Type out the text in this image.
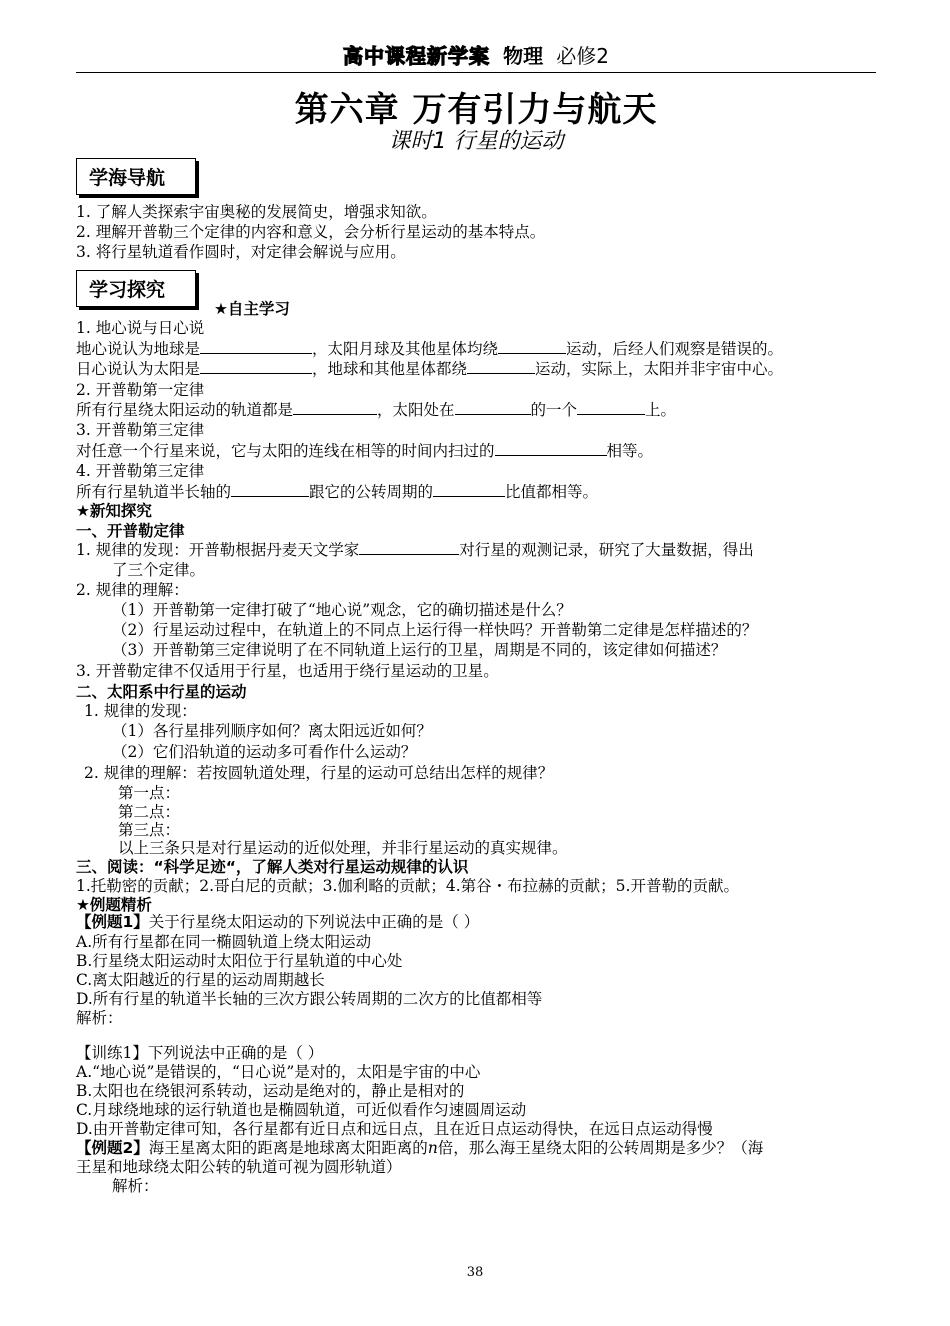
高中课程新学案 物理 必修2
第六章 万有引力与航天
课时1 行星的运动
学海导航
1. 了解人类探索宇宙奥秘的发展简史，增强求知欲。
2. 理解开普勒三个定律的内容和意义，会分析行星运动的基本特点。
3. 将行星轨道看作圆时，对定律会解说与应用。
学习探究
★自主学习
1. 地心说与日心说
地心说认为地球是	，太阳月球及其他星体均绕	运动，后经人们观察是错误的。
日心说认为太阳是	，地球和其他星体都绕	运动，实际上，太阳并非宇宙中心。
2. 开普勒第一定律
所有行星绕太阳运动的轨道都是	，太阳处在	的一个	上。
3. 开普勒第三定律
对任意一个行星来说，它与太阳的连线在相等的时间内扫过的	相等。
4. 开普勒第三定律
所有行星轨道半长轴的	跟它的公转周期的	比值都相等。
★新知探究
一、开普勒定律
1. 规律的发现：开普勒根据丹麦天文学家	对行星的观测记录，研究了大量数据，得出
了三个定律。
2. 规律的理解：
（1）开普勒第一定律打破了“地心说”观念，它的确切描述是什么？
（2）行星运动过程中，在轨道上的不同点上运行得一样快吗？开普勒第二定律是怎样描述的？
（3）开普勒第三定律说明了在不同轨道上运行的卫星，周期是不同的，该定律如何描述？
3. 开普勒定律不仅适用于行星，也适用于绕行星运动的卫星。
二、太阳系中行星的运动
1. 规律的发现：
（1）各行星排列顺序如何？离太阳远近如何？
（2）它们沿轨道的运动多可看作什么运动？
2. 规律的理解：若按圆轨道处理，行星的运动可总结出怎样的规律？
第一点：
第二点：
第三点：
以上三条只是对行星运动的近似处理，并非行星运动的真实规律。
三、阅读：“科学足迹“，了解人类对行星运动规律的认识
1.托勒密的贡献；2.哥白尼的贡献；3.伽利略的贡献；4.第谷・布拉赫的贡献；5.开普勒的贡献。
★例题精析
【例题1】关于行星绕太阳运动的下列说法中正确的是（ ）
A.所有行星都在同一椭圆轨道上绕太阳运动
B.行星绕太阳运动时太阳位于行星轨道的中心处
C.离太阳越近的行星的运动周期越长
D.所有行星的轨道半长轴的三次方跟公转周期的二次方的比值都相等
解析：
【训练1】下列说法中正确的是（ ）
A.“地心说”是错误的，“日心说”是对的，太阳是宇宙的中心
B.太阳也在绕银河系转动，运动是绝对的，静止是相对的
C.月球绕地球的运行轨道也是椭圆轨道，可近似看作匀速圆周运动
D.由开普勒定律可知，各行星都有近日点和远日点，且在近日点运动得快，在远日点运动得慢
【例题2】海王星离太阳的距离是地球离太阳距离的n倍，那么海王星绕太阳的公转周期是多少？（海
王星和地球绕太阳公转的轨道可视为圆形轨道）
解析：
38
